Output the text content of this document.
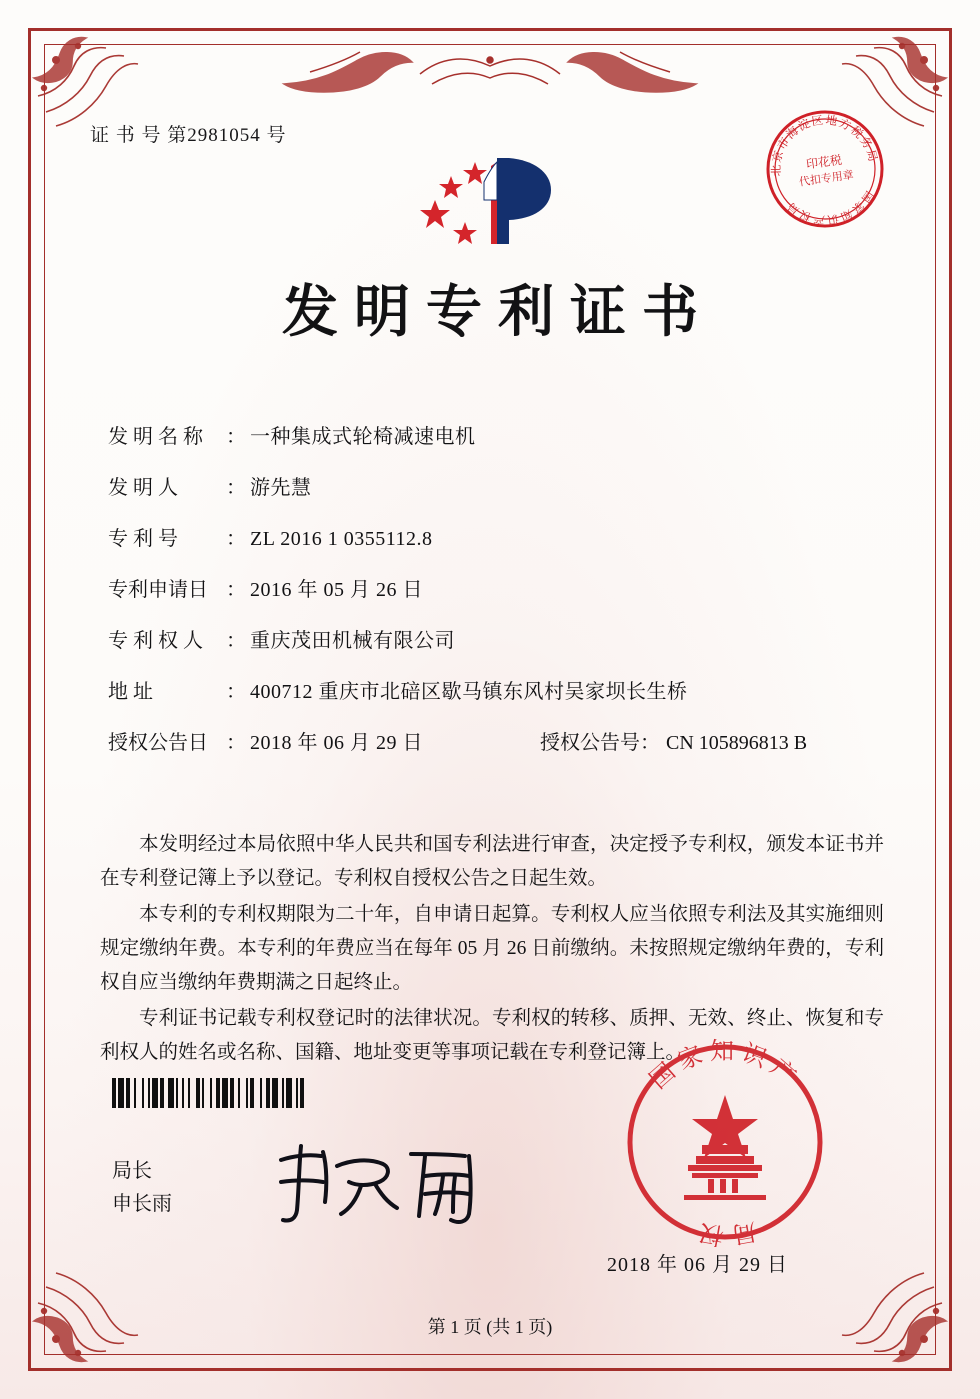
证 书 号 第2981054 号
北京市海淀区地方税务局
国家知识产权局
印花税
代扣专用章
发明专利证书
发 明 名 称	： 一种集成式轮椅减速电机
发 明 人	： 游先慧
专 利 号	： ZL 2016 1 0355112.8
专利申请日 ： 2016 年 05 月 26 日
专 利 权 人	： 重庆茂田机械有限公司
地 址	： 400712 重庆市北碚区歇马镇东风村吴家坝长生桥
授权公告日 ： 2018 年 06 月 29 日	授权公告号： CN 105896813 B

本发明经过本局依照中华人民共和国专利法进行审查，决定授予专利权，颁发本证书并在专利登记簿上予以登记。专利权自授权公告之日起生效。

本专利的专利权期限为二十年，自申请日起算。专利权人应当依照专利法及其实施细则规定缴纳年费。本专利的年费应当在每年 05 月 26 日前缴纳。未按照规定缴纳年费的，专利权自应当缴纳年费期满之日起终止。

专利证书记载专利权登记时的法律状况。专利权的转移、质押、无效、终止、恢复和专利权人的姓名或名称、国籍、地址变更等事项记载在专利登记簿上。

局长
申长雨
国家知识产
局权
2018 年 06 月 29 日
第 1 页 (共 1 页)
